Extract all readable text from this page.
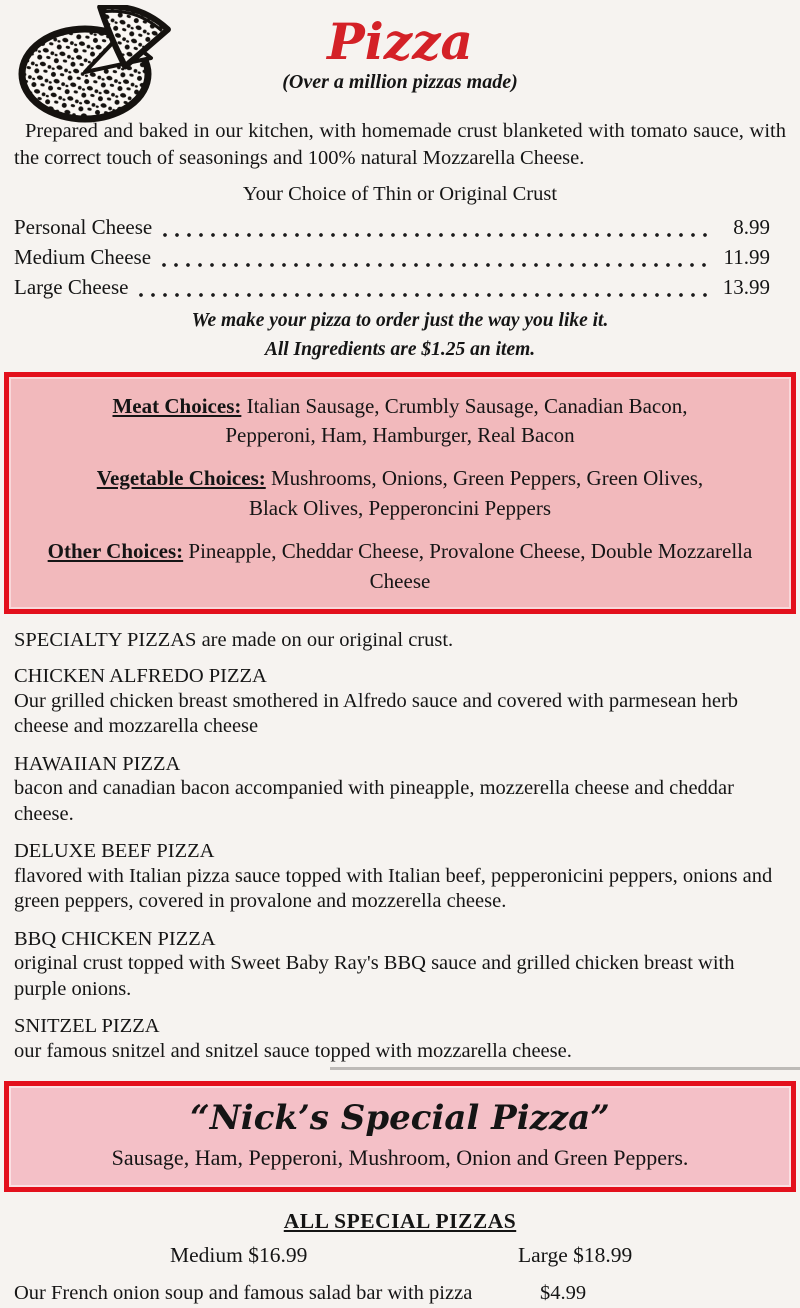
Pizza
(Over a million pizzas made)

Prepared and baked in our kitchen, with homemade crust blanketed with tomato sauce, with the correct touch of seasonings and 100% natural Mozzarella Cheese.

Your Choice of Thin or Original Crust
Personal Cheese	8.99
Medium Cheese	11.99
Large Cheese	13.99
We make your pizza to order just the way you like it.
All Ingredients are $1.25 an item.

Meat Choices: Italian Sausage, Crumbly Sausage, Canadian Bacon,

Pepperoni, Ham, Hamburger, Real Bacon

Vegetable Choices: Mushrooms, Onions, Green Peppers, Green Olives,

Black Olives, Pepperoncini Peppers

Other Choices: Pineapple, Cheddar Cheese, Provalone Cheese, Double Mozzarella Cheese

SPECIALTY PIZZAS are made on our original crust.

CHICKEN ALFREDO PIZZA
Our grilled chicken breast smothered in Alfredo sauce and covered with parmesean herb cheese and mozzarella cheese
HAWAIIAN PIZZA
bacon and canadian bacon accompanied with pineapple, mozzerella cheese and cheddar cheese.
DELUXE BEEF PIZZA
flavored with Italian pizza sauce topped with Italian beef, pepperonicini peppers, onions and green peppers, covered in provalone and mozzerella cheese.
BBQ CHICKEN PIZZA
original crust topped with Sweet Baby Ray's BBQ sauce and grilled chicken breast with purple onions.
SNITZEL PIZZA
our famous snitzel and snitzel sauce topped with mozzarella cheese.
“Nick’s Special Pizza”
Sausage, Ham, Pepperoni, Mushroom, Onion and Green Peppers.
ALL SPECIAL PIZZAS
Medium $16.99	Large $18.99
Our French onion soup and famous salad bar with pizza	$4.99
